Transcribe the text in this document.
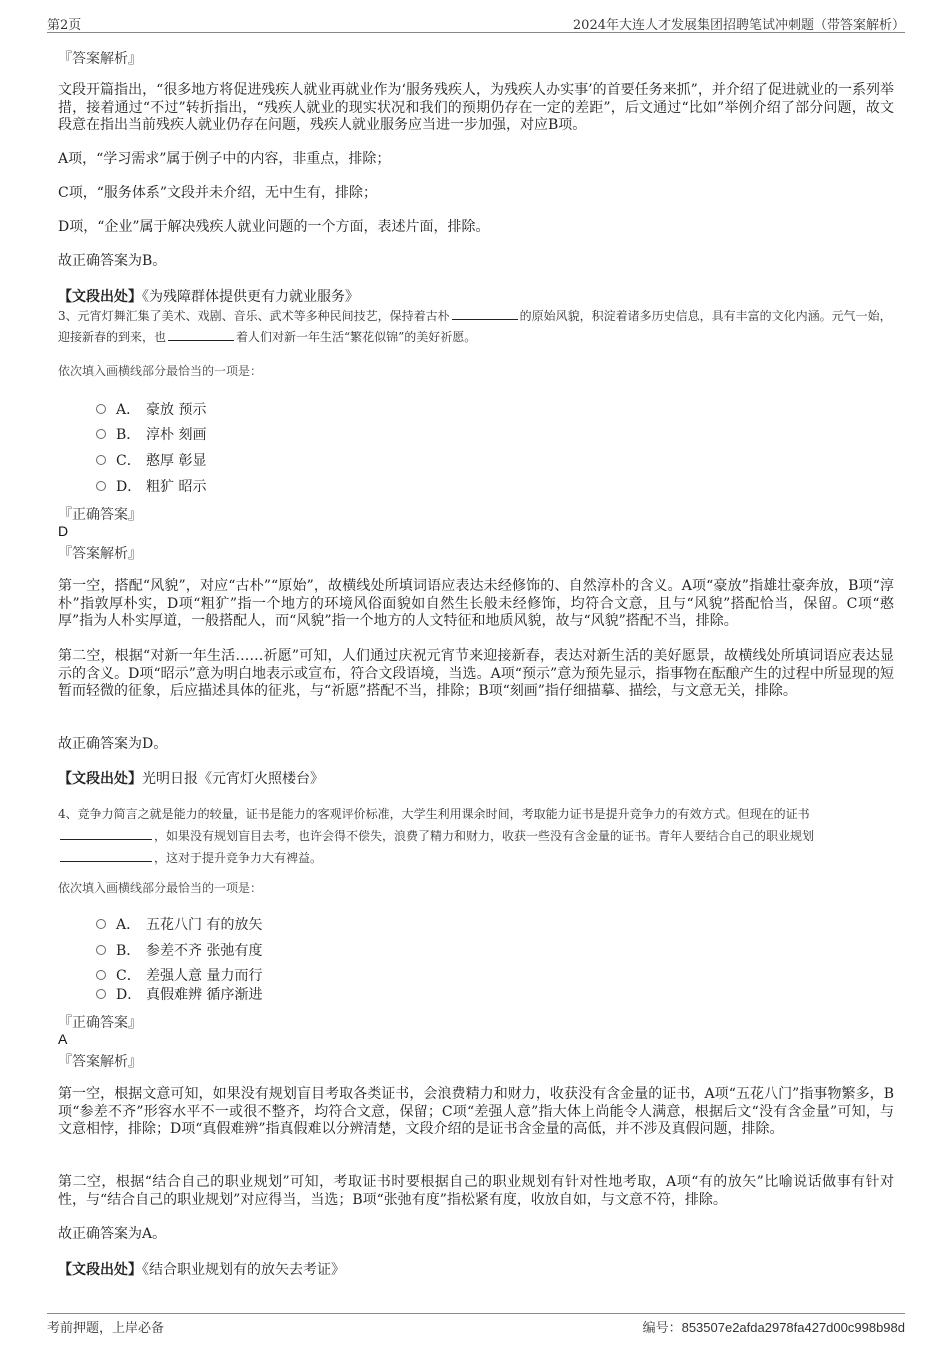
第2页	2024年大连人才发展集团招聘笔试冲刺题（带答案解析）
『答案解析』
文段开篇指出，“很多地方将促进残疾人就业再就业作为‘服务残疾人，为残疾人办实事’的首要任务来抓”，并介绍了促进就业的一系列举措，接着通过“不过”转折指出，“残疾人就业的现实状况和我们的预期仍存在一定的差距”，后文通过“比如”举例介绍了部分问题，故文段意在指出当前残疾人就业仍存在问题，残疾人就业服务应当进一步加强，对应B项。
A项，“学习需求”属于例子中的内容，非重点，排除；
C项，“服务体系”文段并未介绍，无中生有，排除；
D项，“企业”属于解决残疾人就业问题的一个方面，表述片面，排除。
故正确答案为B。
【文段出处】《为残障群体提供更有力就业服务》
3、元宵灯舞汇集了美术、戏剧、音乐、武术等多种民间技艺，保持着古朴	的原始风貌，积淀着诸多历史信息，具有丰富的文化内涵。元气一始，迎接新春的到来，也	着人们对新一年生活“繁花似锦”的美好祈愿。
依次填入画横线部分最恰当的一项是：
A． 豪放 预示
B． 淳朴 刻画
C． 憨厚 彰显
D． 粗犷 昭示
『正确答案』
D
『答案解析』
第一空，搭配“风貌”，对应“古朴”“原始”，故横线处所填词语应表达未经修饰的、自然淳朴的含义。A项“豪放”指雄壮豪奔放，B项“淳朴”指敦厚朴实，D项“粗犷”指一个地方的环境风俗面貌如自然生长般未经修饰，均符合文意，且与“风貌”搭配恰当，保留。C项“憨厚”指为人朴实厚道，一般搭配人，而“风貌”指一个地方的人文特征和地质风貌，故与“风貌”搭配不当，排除。
第二空，根据“对新一年生活……祈愿”可知，人们通过庆祝元宵节来迎接新春，表达对新生活的美好愿景，故横线处所填词语应表达显示的含义。D项“昭示”意为明白地表示或宣布，符合文段语境，当选。A项“预示”意为预先显示，指事物在酝酿产生的过程中所显现的短暂而轻微的征象，后应描述具体的征兆，与“祈愿”搭配不当，排除；B项“刻画”指仔细描摹、描绘，与文意无关，排除。
故正确答案为D。
【文段出处】光明日报《元宵灯火照楼台》
4、竞争力简言之就是能力的较量，证书是能力的客观评价标准，大学生利用课余时间，考取能力证书是提升竞争力的有效方式。但现在的证书，如果没有规划盲目去考，也许会得不偿失，浪费了精力和财力，收获一些没有含金量的证书。青年人要结合自己的职业规划，这对于提升竞争力大有裨益。
依次填入画横线部分最恰当的一项是：
A． 五花八门 有的放矢
B． 参差不齐 张弛有度
C． 差强人意 量力而行
D． 真假难辨 循序渐进
『正确答案』
A
『答案解析』
第一空，根据文意可知，如果没有规划盲目考取各类证书，会浪费精力和财力，收获没有含金量的证书，A项“五花八门”指事物繁多，B项“参差不齐”形容水平不一或很不整齐，均符合文意，保留；C项“差强人意”指大体上尚能令人满意，根据后文“没有含金量”可知，与文意相悖，排除；D项“真假难辨”指真假难以分辨清楚，文段介绍的是证书含金量的高低，并不涉及真假问题，排除。
第二空，根据“结合自己的职业规划”可知，考取证书时要根据自己的职业规划有针对性地考取，A项“有的放矢”比喻说话做事有针对性，与“结合自己的职业规划”对应得当，当选；B项“张弛有度”指松紧有度，收放自如，与文意不符，排除。
故正确答案为A。
【文段出处】《结合职业规划有的放矢去考证》
考前押题，上岸必备	编号：853507e2afda2978fa427d00c998b98d
